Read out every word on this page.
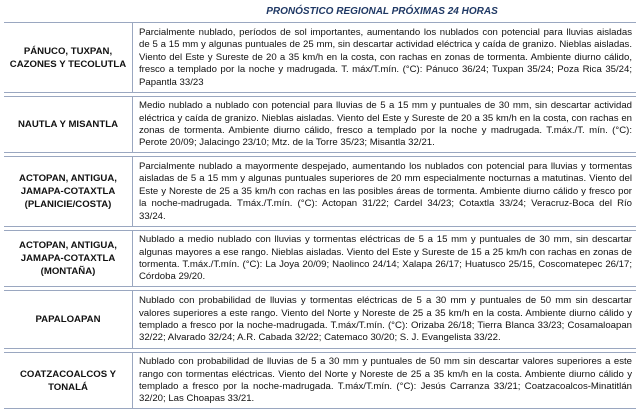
PRONÓSTICO REGIONAL PRÓXIMAS 24 HORAS
PÁNUCO, TUXPAN, CAZONES Y TECOLUTLA	Parcialmente nublado, períodos de sol importantes, aumentando los nublados con potencial para lluvias aisladas de 5 a 15 mm y algunas puntuales de 25 mm, sin descartar actividad eléctrica y caída de granizo. Nieblas aisladas. Viento del Este y Sureste de 20 a 35 km/h en la costa, con rachas en zonas de tormenta. Ambiente diurno cálido, fresco a templado por la noche y madrugada. T. máx/T.mín. (°C): Pánuco 36/24; Tuxpan 35/24; Poza Rica 35/24; Papantla 33/23

NAUTLA Y MISANTLA	Medio nublado a nublado con potencial para lluvias de 5 a 15 mm y puntuales de 30 mm, sin descartar actividad eléctrica y caída de granizo. Nieblas aisladas. Viento del Este y Sureste de 20 a 35 km/h en la costa, con rachas en zonas de tormenta. Ambiente diurno cálido, fresco a templado por la noche y madrugada. T.máx./T. mín. (°C): Perote 20/09; Jalacingo 23/10; Mtz. de la Torre 35/23; Misantla 32/21.

ACTOPAN, ANTIGUA, JAMAPA-COTAXTLA (PLANICIE/COSTA)	Parcialmente nublado a mayormente despejado, aumentando los nublados con potencial para lluvias y tormentas aisladas de 5 a 15 mm y algunas puntuales superiores de 20 mm especialmente nocturnas a matutinas. Viento del Este y Noreste de 25 a 35 km/h con rachas en las posibles áreas de tormenta. Ambiente diurno cálido y fresco por la noche-madrugada. Tmáx./T.mín. (°C): Actopan 31/22; Cardel 34/23; Cotaxtla 33/24; Veracruz-Boca del Río 33/24.

ACTOPAN, ANTIGUA, JAMAPA-COTAXTLA (MONTAÑA)	Nublado a medio nublado con lluvias y tormentas eléctricas de 5 a 15 mm y puntuales de 30 mm, sin descartar algunas mayores a ese rango. Nieblas aisladas. Viento del Este y Sureste de 15 a 25 km/h con rachas en zonas de tormenta. T.máx./T.mín. (°C): La Joya 20/09; Naolinco 24/14; Xalapa 26/17; Huatusco 25/15, Coscomatepec 26/17; Córdoba 29/20.

PAPALOAPAN	Nublado con probabilidad de lluvias y tormentas eléctricas de 5 a 30 mm y puntuales de 50 mm sin descartar valores superiores a este rango. Viento del Norte y Noreste de 25 a 35 km/h en la costa. Ambiente diurno cálido y templado a fresco por la noche-madrugada. T.máx/T.mín. (°C): Orizaba 26/18; Tierra Blanca 33/23; Cosamaloapan 32/22; Alvarado 32/24; A.R. Cabada 32/22; Catemaco 30/20; S. J. Evangelista 33/22.

COATZACOALCOS Y TONALÁ	Nublado con probabilidad de lluvias de 5 a 30 mm y puntuales de 50 mm sin descartar valores superiores a este rango con tormentas eléctricas. Viento del Norte y Noreste de 25 a 35 km/h en la costa. Ambiente diurno cálido y templado a fresco por la noche-madrugada. T.máx/T.mín. (°C): Jesús Carranza 33/21; Coatzacoalcos-Minatitlán 32/20; Las Choapas 33/21.
